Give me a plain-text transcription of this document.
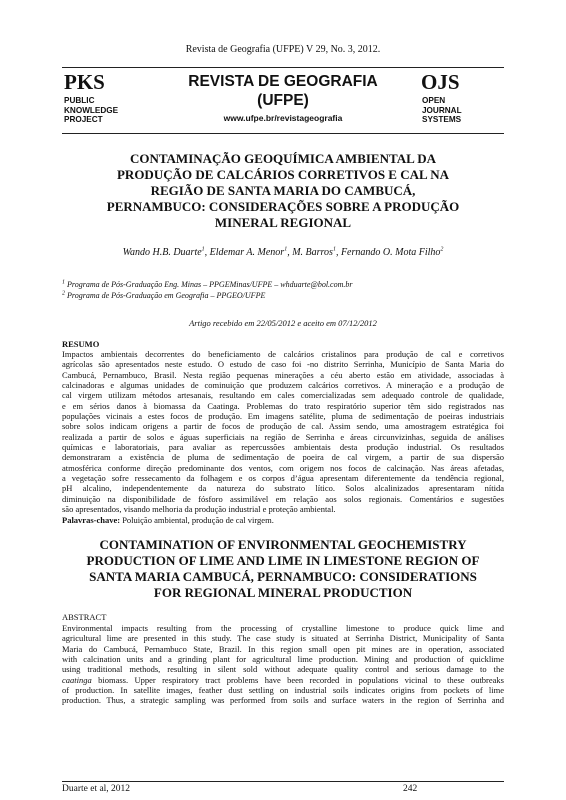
Revista de Geografia (UFPE) V 29, No. 3, 2012.
PKS
PUBLIC
KNOWLEDGE
PROJECT
REVISTA DE GEOGRAFIA
(UFPE)
www.ufpe.br/revistageografia
OJS
OPEN
JOURNAL
SYSTEMS
CONTAMINAÇÃO GEOQUÍMICA AMBIENTAL DA
PRODUÇÃO DE CALCÁRIOS CORRETIVOS E CAL NA
REGIÃO DE SANTA MARIA DO CAMBUCÁ,
PERNAMBUCO: CONSIDERAÇÕES SOBRE A PRODUÇÃO
MINERAL REGIONAL
Wando H.B. Duarte$^1$, Eldemar A. Menor$^1$, M. Barros$^1$, Fernando O. Mota Filho$^2$
$^1$ Programa de Pós-Graduação Eng. Minas – PPGEMinas/UFPE – whduarte@bol.com.br
$^2$ Programa de Pós-Graduação em Geografia – PPGEO/UFPE
Artigo recebido em 22/05/2012 e aceito em 07/12/2012
RESUMO
Impactos ambientais decorrentes do beneficiamento de calcários cristalinos para produção de cal e corretivos
agrícolas são apresentados neste estudo. O estudo de caso foi -no distrito Serrinha, Município de Santa Maria do
Cambucá, Pernambuco, Brasil. Nesta região pequenas minerações a céu aberto estão em atividade, associadas à
calcinadoras e algumas unidades de cominuição que produzem calcários corretivos. A mineração e a produção de
cal virgem utilizam métodos artesanais, resultando em cales comercializadas sem adequado controle de qualidade,
e em sérios danos à biomassa da Caatinga. Problemas do trato respiratório superior têm sido registrados nas
populações vicinais a estes focos de produção. Em imagens satélite, pluma de sedimentação de poeiras industriais
sobre solos indicam origens a partir de focos de produção de cal. Assim sendo, uma amostragem estratégica foi
realizada a partir de solos e águas superficiais na região de Serrinha e áreas circunvizinhas, seguida de análises
químicas e laboratoriais, para avaliar as repercussões ambientais desta produção industrial. Os resultados
demonstraram a existência de pluma de sedimentação de poeira de cal virgem, a partir de sua dispersão
atmosférica conforme direção predominante dos ventos, com origem nos focos de calcinação. Nas áreas afetadas,
a vegetação sofre ressecamento da folhagem e os corpos d’água apresentam diferentemente da tendência regional,
pH alcalino, independentemente da natureza do substrato lítico. Solos alcalinizados apresentaram nítida
diminuição na disponibilidade de fósforo assimilável em relação aos solos regionais. Comentários e sugestões
são apresentados, visando melhoria da produção industrial e proteção ambiental.
Palavras-chave: Poluição ambiental, produção de cal virgem.
CONTAMINATION OF ENVIRONMENTAL GEOCHEMISTRY
PRODUCTION OF LIME AND LIME IN LIMESTONE REGION OF
SANTA MARIA CAMBUCÁ, PERNAMBUCO: CONSIDERATIONS
FOR REGIONAL MINERAL PRODUCTION
ABSTRACT
Environmental impacts resulting from the processing of crystalline limestone to produce quick lime and
agricultural lime are presented in this study. The case study is situated at Serrinha District, Municipality of Santa
Maria do Cambucá, Pernambuco State, Brazil. In this region small open pit mines are in operation, associated
with calcination units and a grinding plant for agricultural lime production. Mining and production of quicklime
using traditional methods, resulting in silent sold without adequate quality control and serious damage to the
caatinga biomass. Upper respiratory tract problems have been recorded in populations vicinal to these outbreaks
of production. In satellite images, feather dust settling on industrial soils indicates origins from pockets of lime
production. Thus, a strategic sampling was performed from soils and surface waters in the region of Serrinha and
Duarte et al, 2012	242
